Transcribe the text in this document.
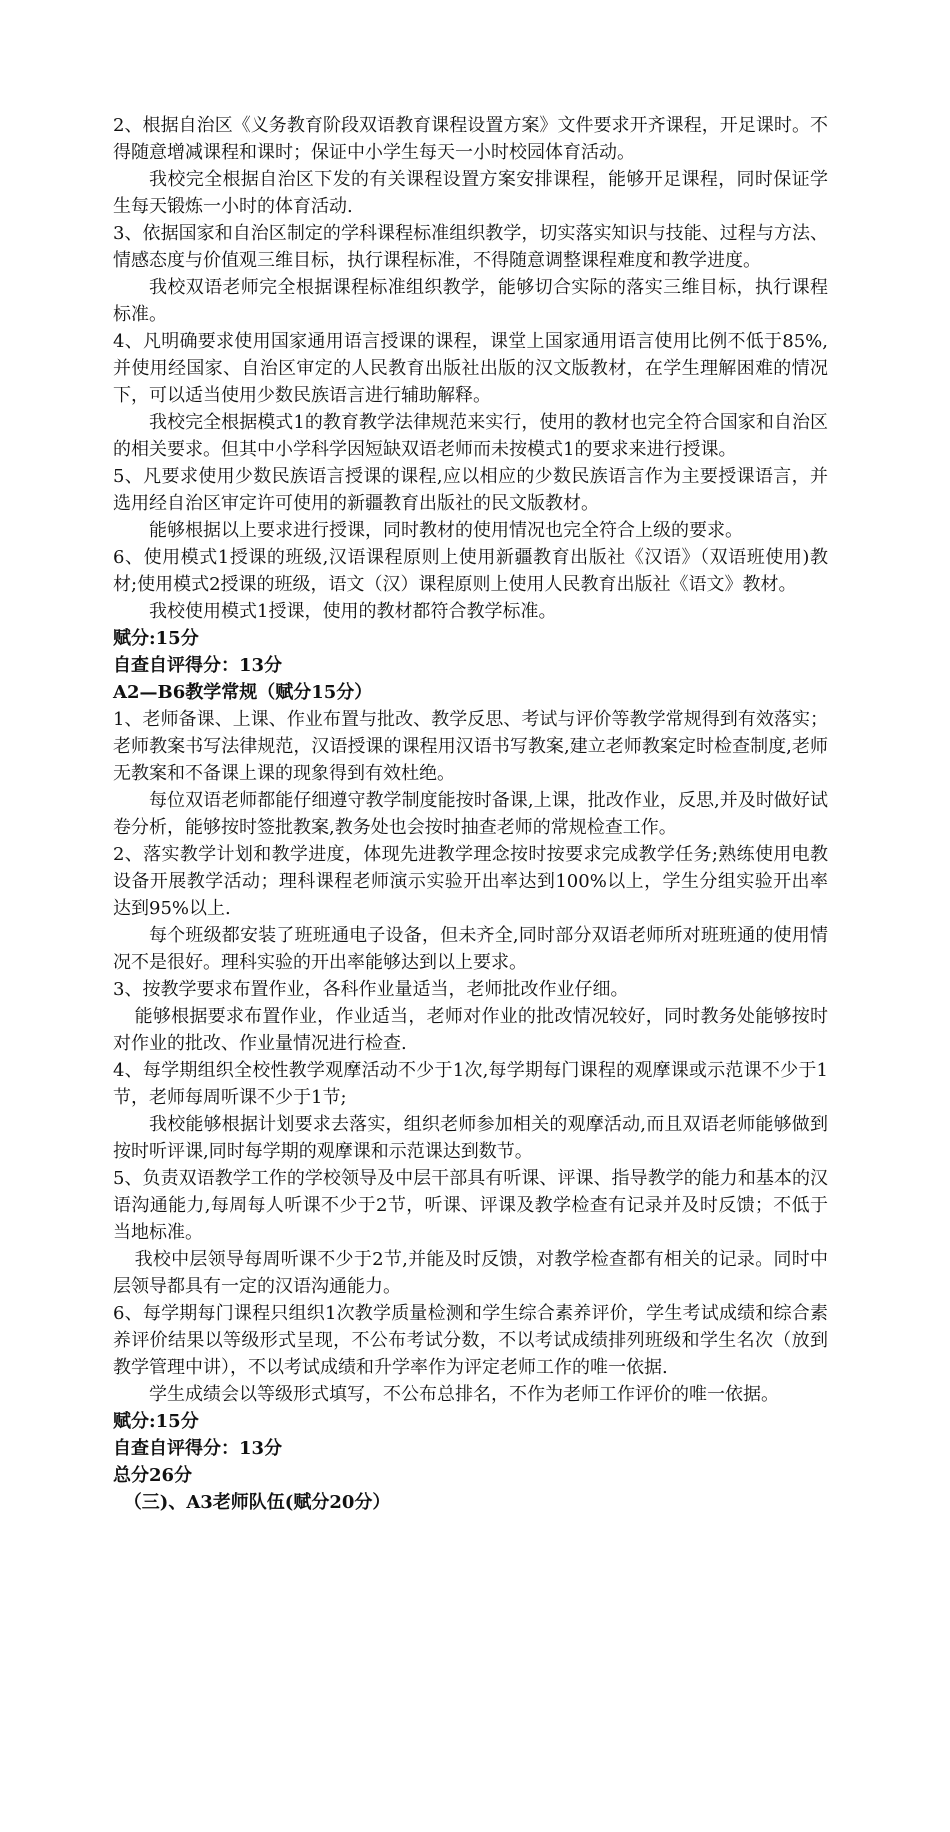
2、根据自治区《义务教育阶段双语教育课程设置方案》文件要求开齐课程，开足课时。不得随意增减课程和课时；保证中小学生每天一小时校园体育活动。

我校完全根据自治区下发的有关课程设置方案安排课程，能够开足课程，同时保证学生每天锻炼一小时的体育活动.

3、依据国家和自治区制定的学科课程标准组织教学，切实落实知识与技能、过程与方法、情感态度与价值观三维目标，执行课程标准，不得随意调整课程难度和教学进度。

我校双语老师完全根据课程标准组织教学，能够切合实际的落实三维目标，执行课程标准。

4、凡明确要求使用国家通用语言授课的课程，课堂上国家通用语言使用比例不低于85%,并使用经国家、自治区审定的人民教育出版社出版的汉文版教材，在学生理解困难的情况下，可以适当使用少数民族语言进行辅助解释。

我校完全根据模式1的教育教学法律规范来实行，使用的教材也完全符合国家和自治区的相关要求。但其中小学科学因短缺双语老师而未按模式1的要求来进行授课。

5、凡要求使用少数民族语言授课的课程,应以相应的少数民族语言作为主要授课语言，并选用经自治区审定许可使用的新疆教育出版社的民文版教材。

能够根据以上要求进行授课，同时教材的使用情况也完全符合上级的要求。

6、使用模式1授课的班级,汉语课程原则上使用新疆教育出版社《汉语》（双语班使用)教材;使用模式2授课的班级，语文（汉）课程原则上使用人民教育出版社《语文》教材。

我校使用模式1授课，使用的教材都符合教学标准。

赋分:15分

自查自评得分：13分

A2—B6教学常规（赋分15分）

1、老师备课、上课、作业布置与批改、教学反思、考试与评价等教学常规得到有效落实；老师教案书写法律规范，汉语授课的课程用汉语书写教案,建立老师教案定时检查制度,老师无教案和不备课上课的现象得到有效杜绝。

每位双语老师都能仔细遵守教学制度能按时备课,上课，批改作业，反思,并及时做好试卷分析，能够按时签批教案,教务处也会按时抽查老师的常规检查工作。

2、落实教学计划和教学进度，体现先进教学理念按时按要求完成教学任务;熟练使用电教设备开展教学活动；理科课程老师演示实验开出率达到100%以上，学生分组实验开出率达到95%以上.

每个班级都安装了班班通电子设备，但未齐全,同时部分双语老师所对班班通的使用情况不是很好。理科实验的开出率能够达到以上要求。

3、按教学要求布置作业，各科作业量适当，老师批改作业仔细。

能够根据要求布置作业，作业适当，老师对作业的批改情况较好，同时教务处能够按时对作业的批改、作业量情况进行检查.

4、每学期组织全校性教学观摩活动不少于1次,每学期每门课程的观摩课或示范课不少于1节，老师每周听课不少于1节;

我校能够根据计划要求去落实，组织老师参加相关的观摩活动,而且双语老师能够做到按时听评课,同时每学期的观摩课和示范课达到数节。

5、负责双语教学工作的学校领导及中层干部具有听课、评课、指导教学的能力和基本的汉语沟通能力,每周每人听课不少于2节，听课、评课及教学检查有记录并及时反馈；不低于当地标准。

我校中层领导每周听课不少于2节,并能及时反馈，对教学检查都有相关的记录。同时中层领导都具有一定的汉语沟通能力。

6、每学期每门课程只组织1次教学质量检测和学生综合素养评价，学生考试成绩和综合素养评价结果以等级形式呈现，不公布考试分数，不以考试成绩排列班级和学生名次（放到教学管理中讲），不以考试成绩和升学率作为评定老师工作的唯一依据.

学生成绩会以等级形式填写，不公布总排名，不作为老师工作评价的唯一依据。

赋分:15分

自查自评得分：13分

总分26分

（三)、A3老师队伍(赋分20分）
